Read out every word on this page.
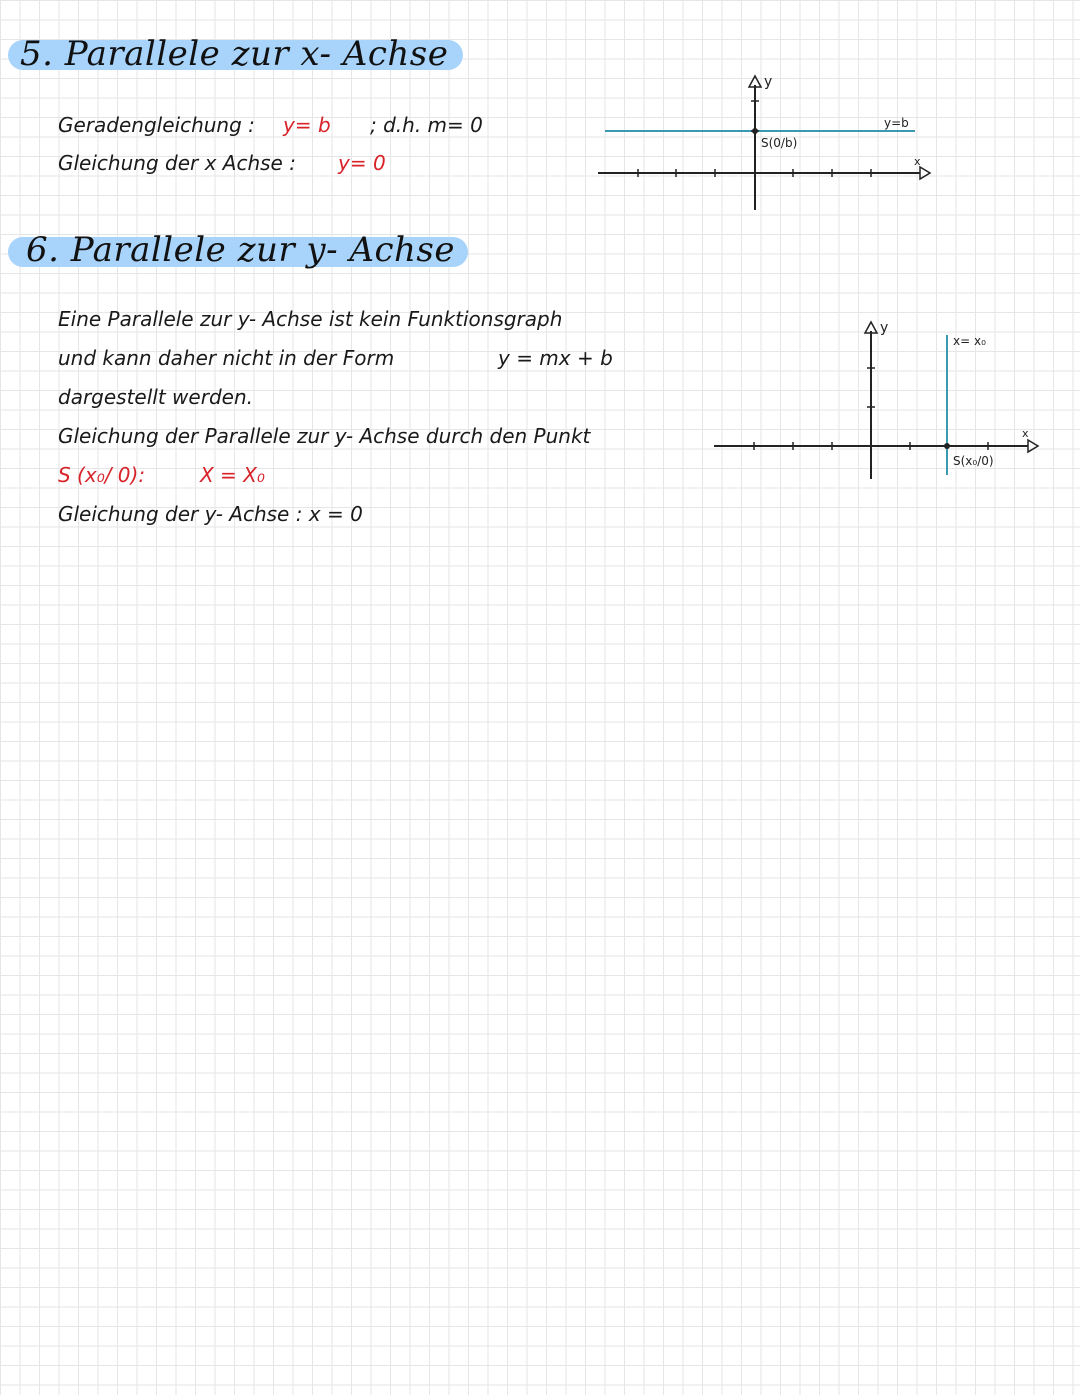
5. Parallele zur x- Achse
Geradengleichung : y= b ; d.h. m= 0
Gleichung der x Achse : y= 0
y
x
y=b
S(0/b)
6. Parallele zur y- Achse
Eine Parallele zur y- Achse ist kein Funktionsgraph
und kann daher nicht in der Form	y = mx + b
dargestellt werden.
Gleichung der Parallele zur y- Achse durch den Punkt
S (x₀/ 0):	X = X₀
Gleichung der y- Achse : x = 0
y
x
x= x₀
S(x₀/0)
